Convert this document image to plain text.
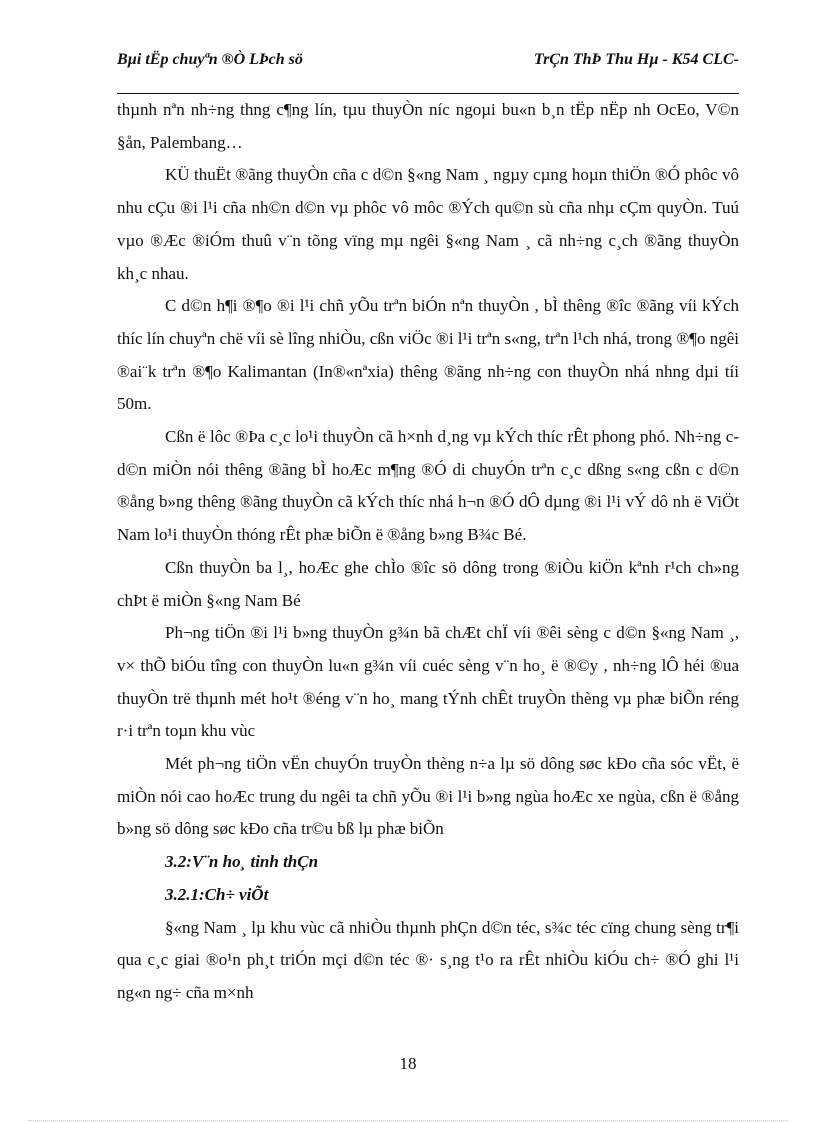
Bµi tËp chuyªn ®Ò LÞch sö	TrÇn ThÞ Thu Hµ - K54 CLC-

thµnh nªn nh÷ng thng c¶ng lín, tµu thuyÒn níc ngoµi bu«n b¸n tËp nËp nh OcEo, V©n §ån, Palembang…

KÜ thuËt ®ãng thuyÒn cña c d©n §«ng Nam ¸ ngµy cµng hoµn thiÖn ®Ó phôc vô nhu cÇu ®i l¹i cña nh©n d©n vµ phôc vô môc ®Ých qu©n sù cña nhµ cÇm quyÒn. Tuú vµo ®Æc ®iÓm thuû v¨n tõng vïng mµ ngêi §«ng Nam ¸ cã nh÷ng c¸ch ®ãng thuyÒn kh¸c nhau.

C d©n h¶i ®¶o ®i l¹i chñ yÕu trªn biÓn nªn thuyÒn , bÌ thêng ®îc ®ãng víi kÝch thíc lín chuyªn chë víi sè lîng nhiÒu, cßn viÖc ®i l¹i trªn s«ng, trªn l¹ch nhá, trong ®¶o ngêi ®ai¨k trªn ®¶o Kalimantan (In®«nªxia) thêng ®ãng nh÷ng con thuyÒn nhá nhng dµi tíi 50m.

Cßn ë lôc ®Þa c¸c lo¹i thuyÒn cã h×nh d¸ng vµ kÝch thíc rÊt phong phó. Nh÷ng c d©n miÒn nói thêng ®ãng bÌ hoÆc m¶ng ®Ó di chuyÓn trªn c¸c dßng s«ng cßn c d©n ®ång b»ng thêng ®ãng thuyÒn cã kÝch thíc nhá h¬n ®Ó dÔ dµng ®i l¹i vÝ dô nh ë ViÖt Nam lo¹i thuyÒn thóng rÊt phæ biÕn ë ®ång b»ng B¾c Bé.

Cßn thuyÒn ba l¸, hoÆc ghe chÌo ®îc sö dông trong ®iÒu kiÖn kªnh r¹ch ch»ng chÞt ë miÒn §«ng Nam Bé

Ph¬ng tiÖn ®i l¹i b»ng thuyÒn g¾n bã chÆt chÏ víi ®êi sèng c d©n §«ng Nam ¸, v× thÕ biÓu tîng con thuyÒn lu«n g¾n víi cuéc sèng v¨n ho¸ ë ®©y , nh÷ng lÔ héi ®ua thuyÒn trë thµnh mét ho¹t ®éng v¨n ho¸ mang tÝnh chÊt truyÒn thèng vµ phæ biÕn réng r·i trªn toµn khu vùc

Mét ph¬ng tiÖn vËn chuyÓn truyÒn thèng n÷a lµ sö dông søc kÐo cña sóc vËt, ë miÒn nói cao hoÆc trung du ngêi ta chñ yÕu ®i l¹i b»ng ngùa hoÆc xe ngùa, cßn ë ®ång b»ng sö dông søc kÐo cña tr©u bß lµ phæ biÕn

3.2:V¨n ho¸ tinh thÇn

3.2.1:Ch÷ viÕt

§«ng Nam ¸ lµ khu vùc cã nhiÒu thµnh phÇn d©n téc, s¾c téc cïng chung sèng tr¶i qua c¸c giai ®o¹n ph¸t triÓn mçi d©n téc ®· s¸ng t¹o ra rÊt nhiÒu kiÓu ch÷ ®Ó ghi l¹i ng«n ng÷ cña m×nh

18
